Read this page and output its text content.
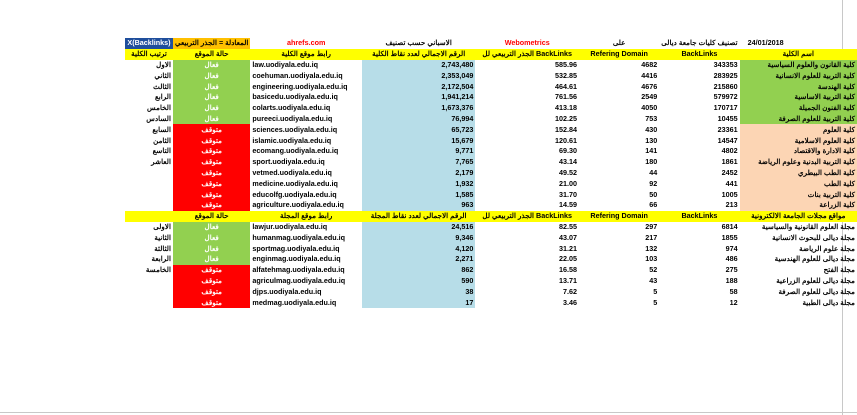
X(Backlinks)	المعادلة = الجذر التربيعي	ahrefs.com	الاسباني حسب تصنيف	Webometrics	على	تصنيف كليات جامعة ديالى	24/01/2018
ترتيب الكلية	حالة الموقع	رابط موقع الكلية	الرقم الاجمالي لعدد نقاط الكلية	الجذر التربيعي لل BackLinks	Refering Domain	BackLinks	اسم الكلية
الاول	فعال	law.uodiyala.edu.iq	2,743,480	585.96	4682	343353	كلية القانون والعلوم السياسية
الثاني	فعال	coehuman.uodiyala.edu.iq	2,353,049	532.85	4416	283925	كلية التربية للعلوم الانسانية
الثالث	فعال	engineering.uodiyala.edu.iq	2,172,504	464.61	4676	215860	كلية الهندسة
الرابع	فعال	basicedu.uodiyala.edu.iq	1,941,214	761.56	2549	579972	كلية التربية الاساسية
الخامس	فعال	colarts.uodiyala.edu.iq	1,673,376	413.18	4050	170717	كلية الفنون الجميلة
السادس	فعال	pureeci.uodiyala.edu.iq	76,994	102.25	753	10455	كلية التربية للعلوم الصرفة
السابع	متوقف	sciences.uodiyala.edu.iq	65,723	152.84	430	23361	كلية العلوم
الثامن	متوقف	islamic.uodiyala.edu.iq	15,679	120.61	130	14547	كلية العلوم الاسلامية
التاسع	متوقف	ecomang.uodiyala.edu.iq	9,771	69.30	141	4802	كلية الادارة والاقتصاد
العاشر	متوقف	sport.uodiyala.edu.iq	7,765	43.14	180	1861	كلية التربية البدنية وعلوم الرياضة
	متوقف	vetmed.uodiyala.edu.iq	2,179	49.52	44	2452	كلية الطب البيطري
	متوقف	medicine.uodiyala.edu.iq	1,932	21.00	92	441	كلية الطب
	متوقف	educolfg.uodiyala.edu.iq	1,585	31.70	50	1005	كلية التربية بنات
	متوقف	agriculture.uodiyala.edu.iq	963	14.59	66	213	كلية الزراعة
	حالة الموقع	رابط موقع المجلة	الرقم الاجمالي لعدد نقاط المجلة	الجذر التربيعي لل BackLinks	Refering Domain	BackLinks	مواقع مجلات الجامعة الالكترونية
الاولى	فعال	lawjur.uodiyala.edu.iq	24,516	82.55	297	6814	مجلة العلوم القانونية والسياسية
الثانية	فعال	humanmag.uodiyala.edu.iq	9,346	43.07	217	1855	مجلة ديالى للبحوث الانسانية
الثالثة	فعال	sportmag.uodiyala.edu.iq	4,120	31.21	132	974	مجلة علوم الرياضة
الرابعة	فعال	enginmag.uodiyala.edu.iq	2,271	22.05	103	486	مجلة ديالى للعلوم الهندسية
الخامسة	متوقف	alfatehmag.uodiyala.edu.iq	862	16.58	52	275	مجلة الفتح
	متوقف	agriculmag.uodiyala.edu.iq	590	13.71	43	188	مجلة ديالى للعلوم الزراعية
	متوقف	djps.uodiyala.edu.iq	38	7.62	5	58	مجلة ديالى للعلوم الصرفة
	متوقف	medmag.uodiyala.edu.iq	17	3.46	5	12	مجلة ديالى الطبية
